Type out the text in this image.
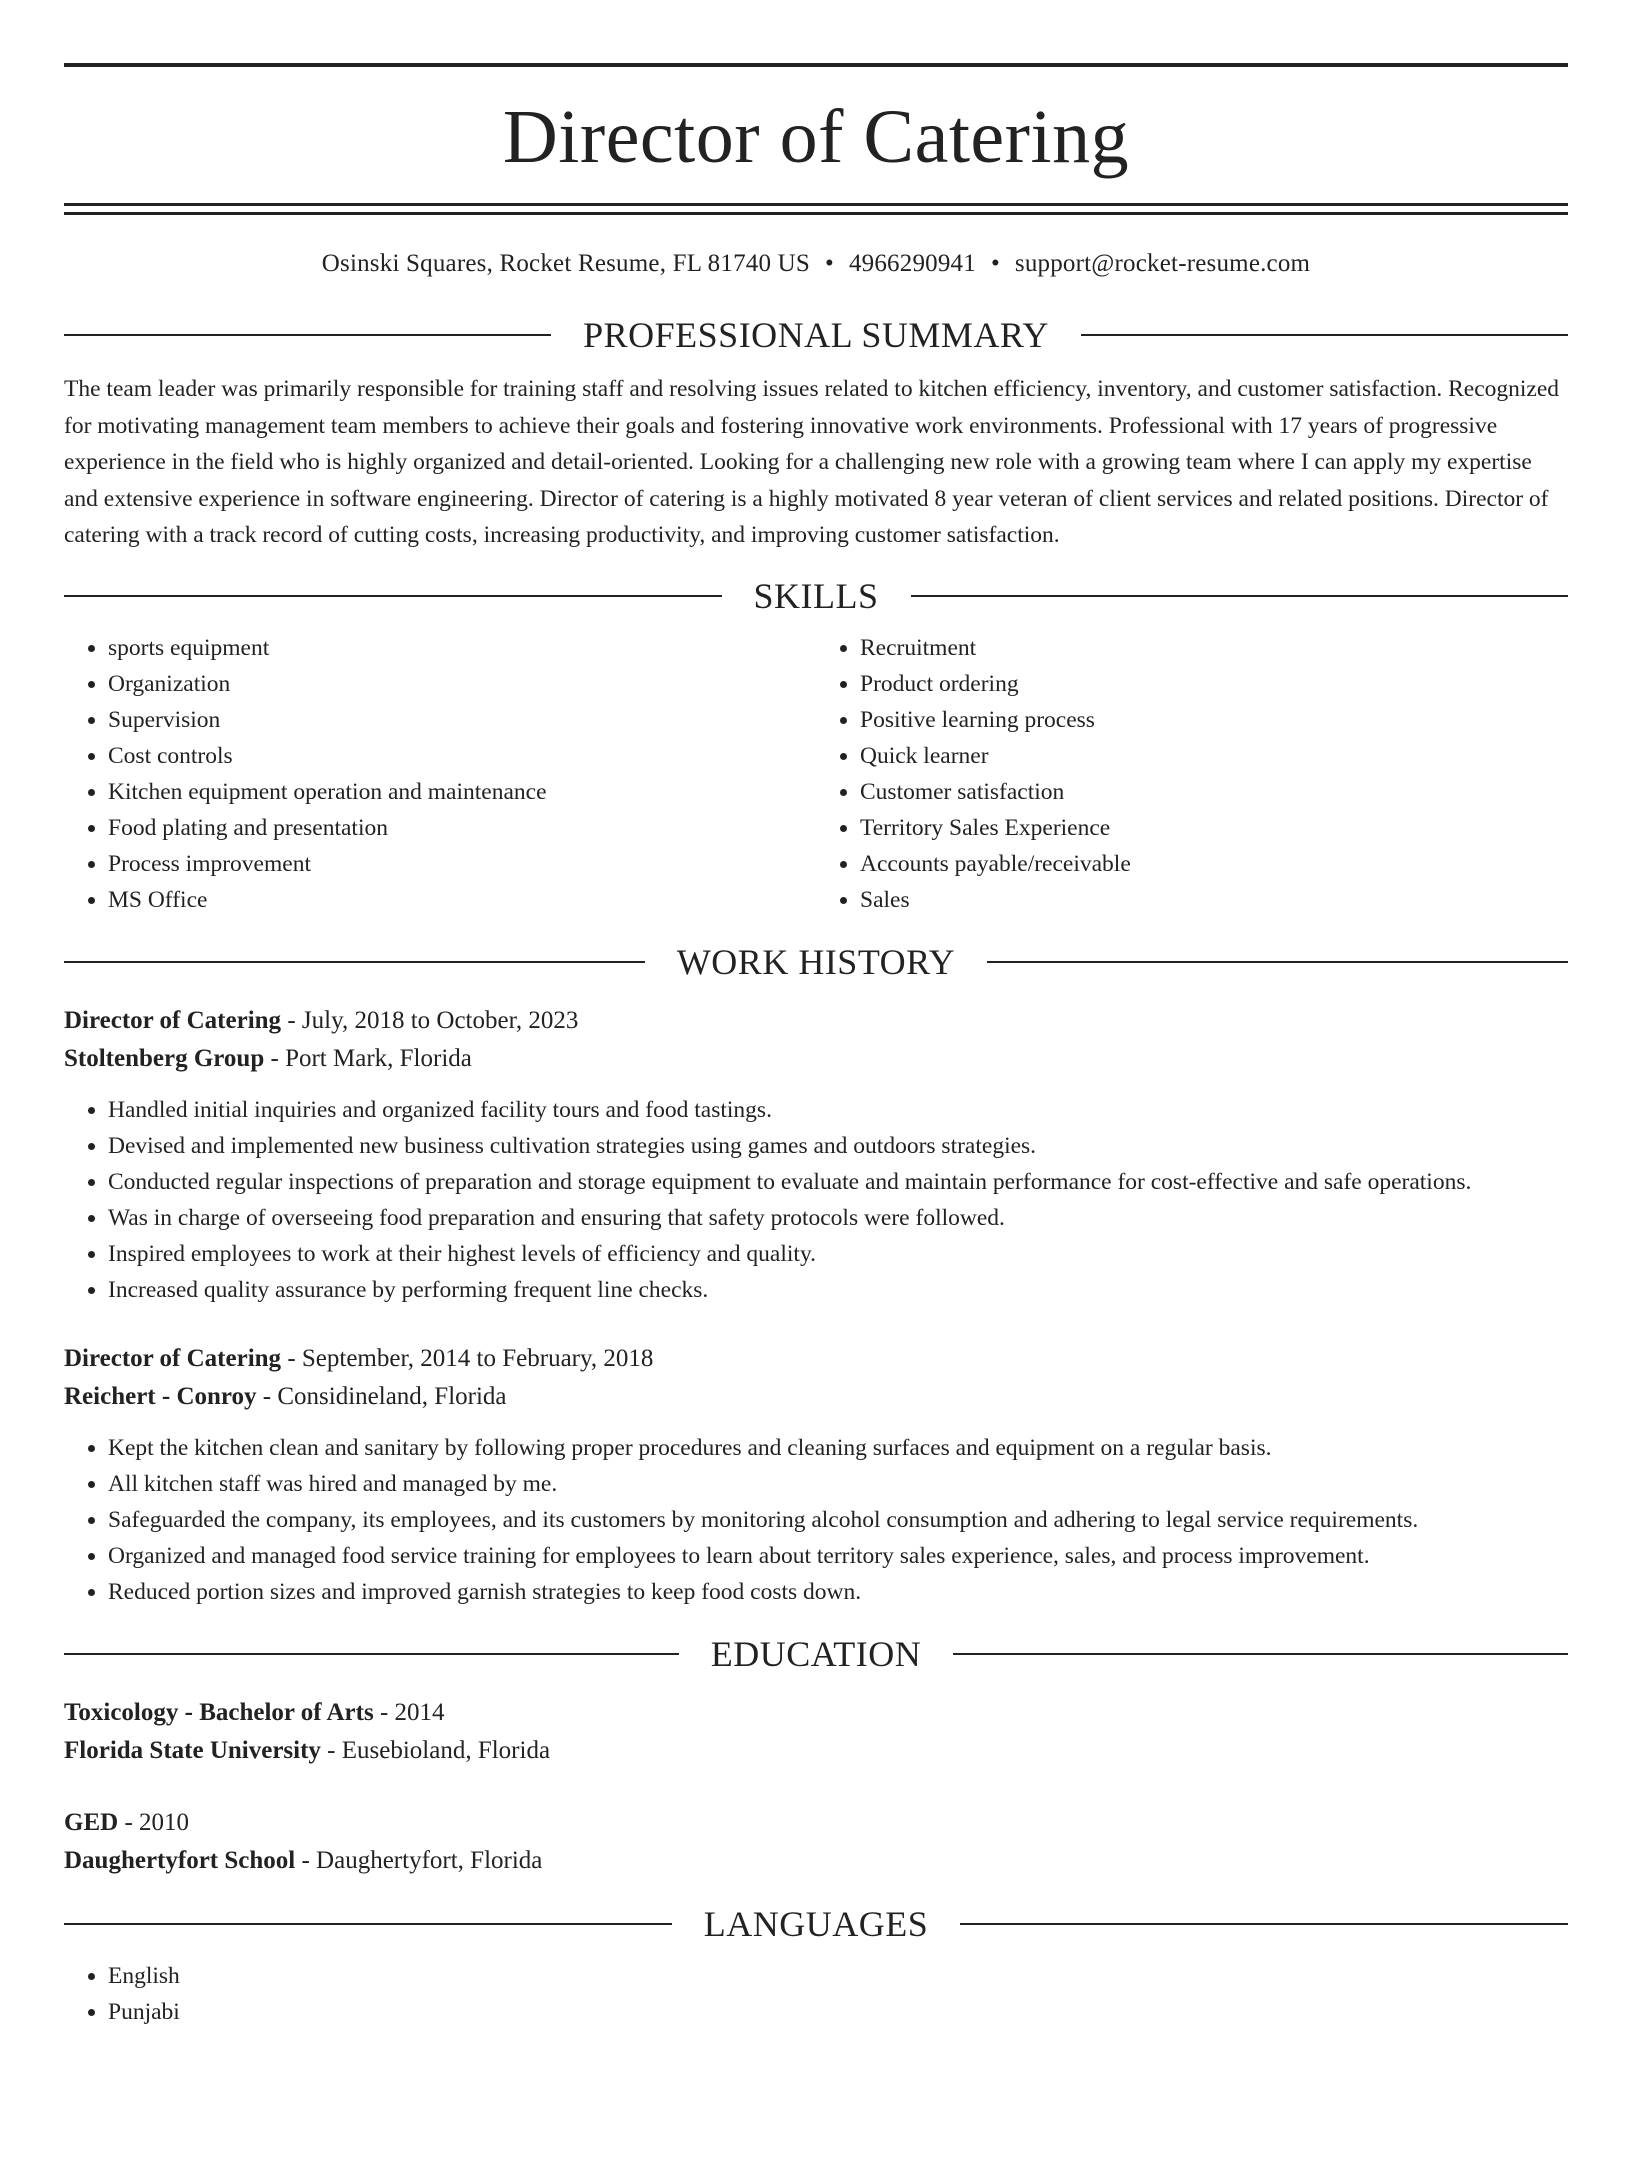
Director of Catering
Osinski Squares, Rocket Resume, FL 81740 US • 4966290941 • support@rocket-resume.com
PROFESSIONAL SUMMARY

The team leader was primarily responsible for training staff and resolving issues related to kitchen efficiency, inventory, and customer satisfaction. Recognized for motivating management team members to achieve their goals and fostering innovative work environments. Professional with 17 years of progressive experience in the field who is highly organized and detail-oriented. Looking for a challenging new role with a growing team where I can apply my expertise and extensive experience in software engineering. Director of catering is a highly motivated 8 year veteran of client services and related positions. Director of catering with a track record of cutting costs, increasing productivity, and improving customer satisfaction.

SKILLS
• sports equipment
• Organization
• Supervision
• Cost controls
• Kitchen equipment operation and maintenance
• Food plating and presentation
• Process improvement
• MS Office
• Recruitment
• Product ordering
• Positive learning process
• Quick learner
• Customer satisfaction
• Territory Sales Experience
• Accounts payable/receivable
• Sales
WORK HISTORY
Director of Catering - July, 2018 to October, 2023
Stoltenberg Group - Port Mark, Florida
• Handled initial inquiries and organized facility tours and food tastings.
• Devised and implemented new business cultivation strategies using games and outdoors strategies.
• Conducted regular inspections of preparation and storage equipment to evaluate and maintain performance for cost-effective and safe operations.
• Was in charge of overseeing food preparation and ensuring that safety protocols were followed.
• Inspired employees to work at their highest levels of efficiency and quality.
• Increased quality assurance by performing frequent line checks.
Director of Catering - September, 2014 to February, 2018
Reichert - Conroy - Considineland, Florida
• Kept the kitchen clean and sanitary by following proper procedures and cleaning surfaces and equipment on a regular basis.
• All kitchen staff was hired and managed by me.
• Safeguarded the company, its employees, and its customers by monitoring alcohol consumption and adhering to legal service requirements.
• Organized and managed food service training for employees to learn about territory sales experience, sales, and process improvement.
• Reduced portion sizes and improved garnish strategies to keep food costs down.
EDUCATION
Toxicology - Bachelor of Arts - 2014
Florida State University - Eusebioland, Florida
GED - 2010
Daughertyfort School - Daughertyfort, Florida
LANGUAGES
• English
• Punjabi
